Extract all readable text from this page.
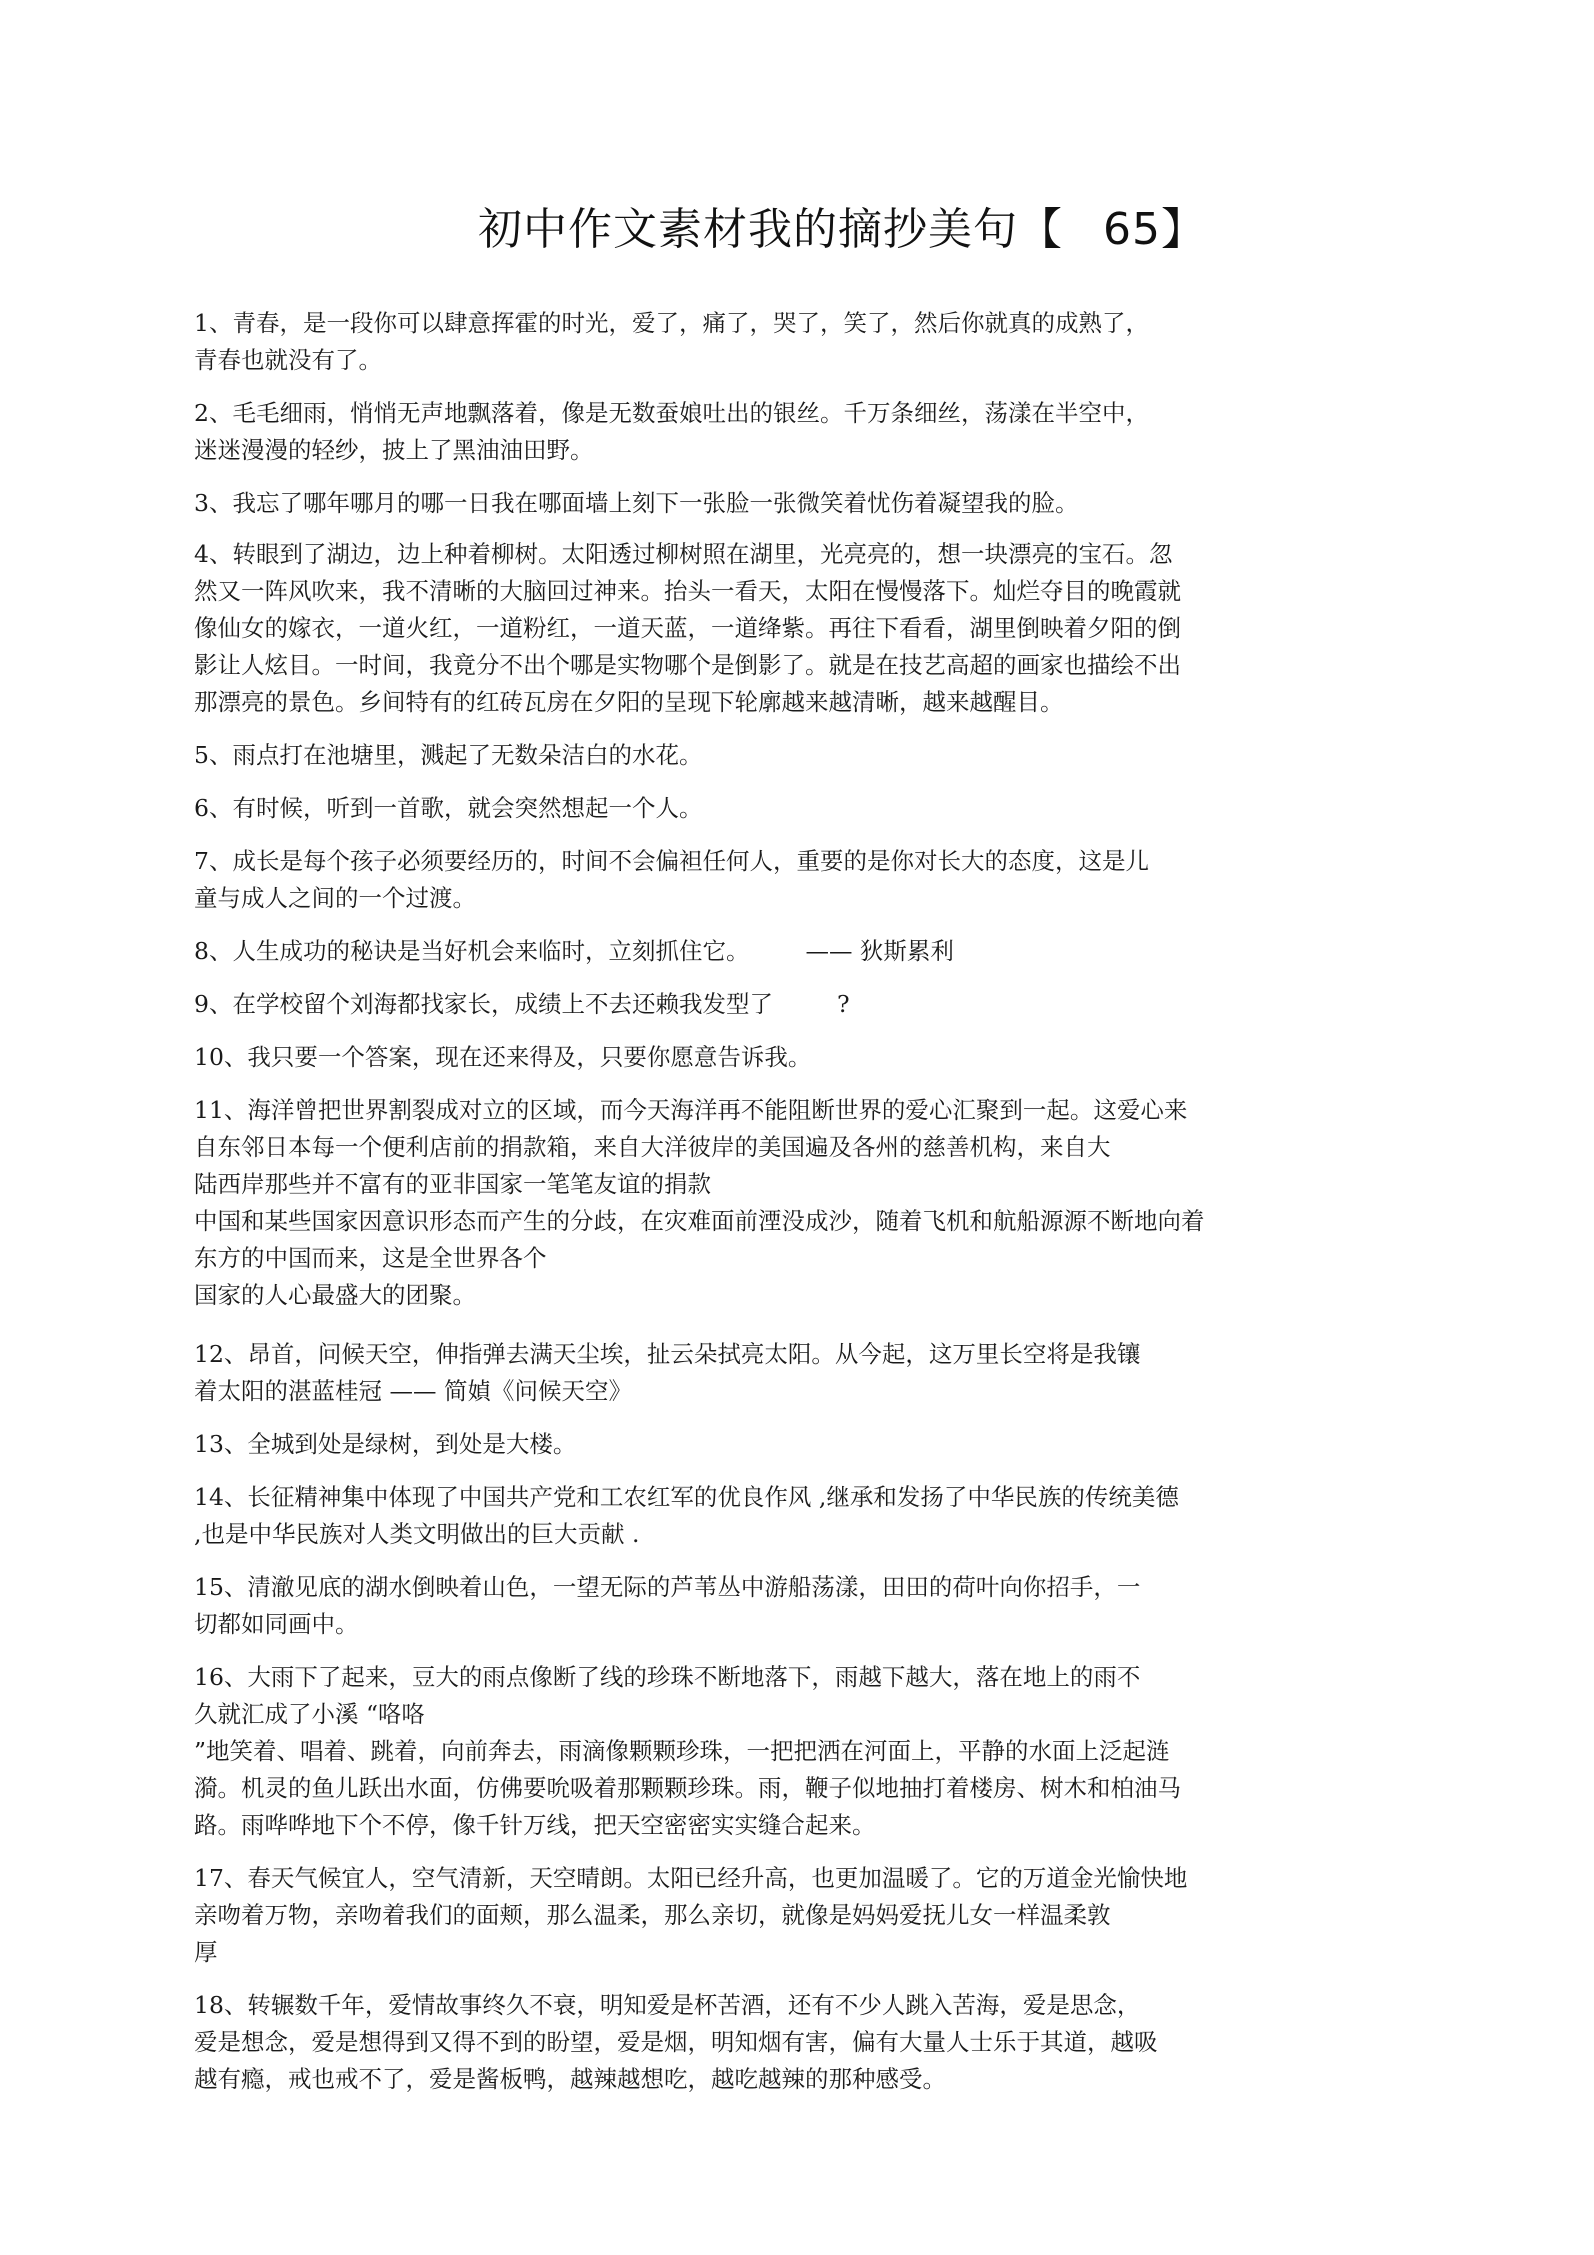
初中作文素材我的摘抄美句【 65】
1、青春，是一段你可以肆意挥霍的时光，爱了，痛了，哭了，笑了，然后你就真的成熟了，
青春也就没有了。
2、毛毛细雨，悄悄无声地飘落着，像是无数蚕娘吐出的银丝。千万条细丝，荡漾在半空中，
迷迷漫漫的轻纱，披上了黑油油田野。
3、我忘了哪年哪月的哪一日我在哪面墙上刻下一张脸一张微笑着忧伤着凝望我的脸。
4、转眼到了湖边，边上种着柳树。太阳透过柳树照在湖里，光亮亮的，想一块漂亮的宝石。忽
然又一阵风吹来，我不清晰的大脑回过神来。抬头一看天，太阳在慢慢落下。灿烂夺目的晚霞就
像仙女的嫁衣，一道火红，一道粉红，一道天蓝，一道绛紫。再往下看看，湖里倒映着夕阳的倒
影让人炫目。一时间，我竟分不出个哪是实物哪个是倒影了。就是在技艺高超的画家也描绘不出
那漂亮的景色。乡间特有的红砖瓦房在夕阳的呈现下轮廓越来越清晰，越来越醒目。
5、雨点打在池塘里，溅起了无数朵洁白的水花。
6、有时候，听到一首歌，就会突然想起一个人。
7、成长是每个孩子必须要经历的，时间不会偏袒任何人，重要的是你对长大的态度，这是儿
童与成人之间的一个过渡。
8、人生成功的秘诀是当好机会来临时，立刻抓住它。 —— 狄斯累利
9、在学校留个刘海都找家长，成绩上不去还赖我发型了	?
10、我只要一个答案，现在还来得及，只要你愿意告诉我。
11、海洋曾把世界割裂成对立的区域，而今天海洋再不能阻断世界的爱心汇聚到一起。这爱心来
自东邻日本每一个便利店前的捐款箱，来自大洋彼岸的美国遍及各州的慈善机构，来自大
陆西岸那些并不富有的亚非国家一笔笔友谊的捐款
中国和某些国家因意识形态而产生的分歧，在灾难面前湮没成沙，随着飞机和航船源源不断地向着
东方的中国而来，这是全世界各个
国家的人心最盛大的团聚。
12、昂首，问候天空，伸指弹去满天尘埃，扯云朵拭亮太阳。从今起，这万里长空将是我镶
着太阳的湛蓝桂冠 —— 简媜《问候天空》
13、全城到处是绿树，到处是大楼。
14、长征精神集中体现了中国共产党和工农红军的优良作风 ,继承和发扬了中华民族的传统美德
,也是中华民族对人类文明做出的巨大贡献 .
15、清澈见底的湖水倒映着山色，一望无际的芦苇丛中游船荡漾，田田的荷叶向你招手，一
切都如同画中。
16、大雨下了起来，豆大的雨点像断了线的珍珠不断地落下，雨越下越大，落在地上的雨不
久就汇成了小溪 “咯咯
”地笑着、唱着、跳着，向前奔去，雨滴像颗颗珍珠，一把把洒在河面上，平静的水面上泛起涟
漪。机灵的鱼儿跃出水面，仿佛要吮吸着那颗颗珍珠。雨，鞭子似地抽打着楼房、树木和柏油马
路。雨哗哗地下个不停，像千针万线，把天空密密实实缝合起来。
17、春天气候宜人，空气清新，天空晴朗。太阳已经升高，也更加温暖了。它的万道金光愉快地
亲吻着万物，亲吻着我们的面颊，那么温柔，那么亲切，就像是妈妈爱抚儿女一样温柔敦
厚
18、转辗数千年，爱情故事终久不衰，明知爱是杯苦酒，还有不少人跳入苦海，爱是思念，
爱是想念，爱是想得到又得不到的盼望，爱是烟，明知烟有害，偏有大量人士乐于其道，越吸
越有瘾，戒也戒不了，爱是酱板鸭，越辣越想吃，越吃越辣的那种感受。
